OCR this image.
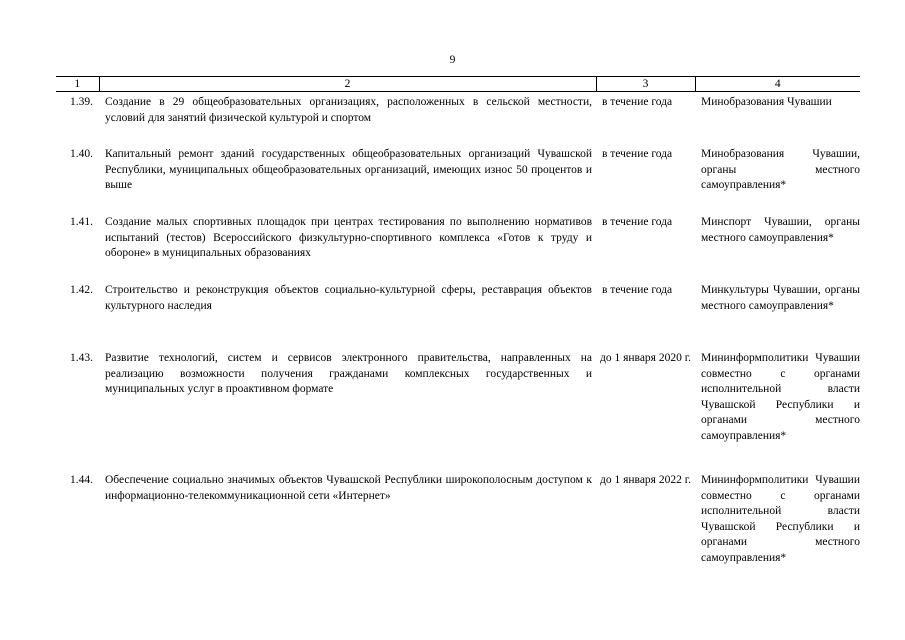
9
1	2	3	4
1.39.	Создание в 29 общеобразовательных организациях, расположенных в сельской местности, условий для занятий физической культурой и спортом	в течение года	Минобразования Чувашии
1.40.	Капитальный ремонт зданий государственных общеобразовательных организаций Чувашской Республики, муниципальных общеобразовательных организаций, имеющих износ 50 процентов и выше	в течение года	Минобразования Чувашии, органы местного самоуправления*
1.41.	Создание малых спортивных площадок при центрах тестирования по выполнению нормативов испытаний (тестов) Всероссийского физкультурно-спортивного комплекса «Готов к труду и обороне» в муниципальных образованиях	в течение года	Минспорт Чувашии, органы местного самоуправления*
1.42.	Строительство и реконструкция объектов социально-культурной сферы, реставрация объектов культурного наследия	в течение года	Минкультуры Чувашии, органы местного самоуправления*
1.43.	Развитие технологий, систем и сервисов электронного правительства, направленных на реализацию возможности получения гражданами комплексных государственных и муниципальных услуг в проактивном формате	до 1 января 2020 г.	Мининформполитики Чувашии совместно с органами исполнительной власти Чувашской Республики и органами местного самоуправления*
1.44.	Обеспечение социально значимых объектов Чувашской Республики широкополосным доступом к информационно-телекоммуникационной сети «Интернет»	до 1 января 2022 г.	Мининформполитики Чувашии совместно с органами исполнительной власти Чувашской Республики и органами местного самоуправления*
